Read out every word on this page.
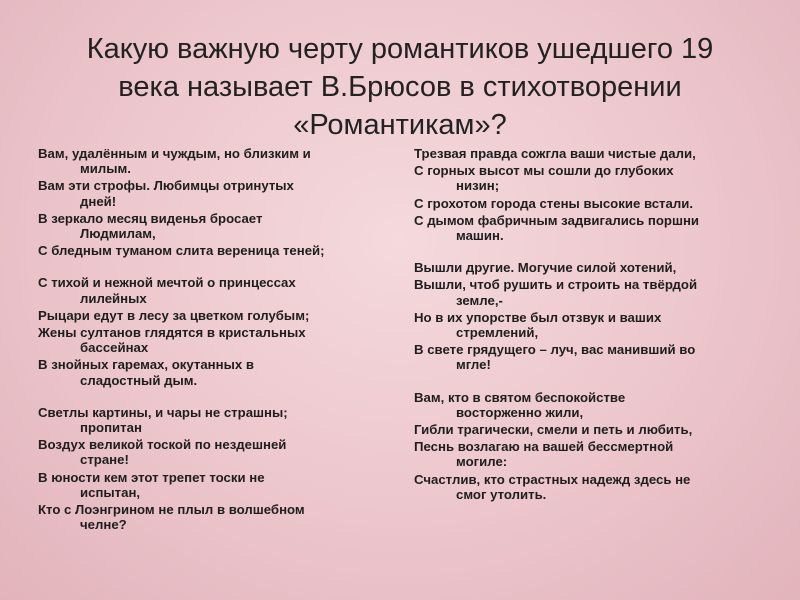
Какую важную черту романтиков ушедшего 19
века называет В.Брюсов в стихотворении
«Романтикам»?
Вам, удалённым и чуждым, но близким и
милым.
Вам эти строфы. Любимцы отринутых
дней!
В зеркало месяц виденья бросает
Людмилам,
С бледным туманом слита вереница теней;
С тихой и нежной мечтой о принцессах
лилейных
Рыцари едут в лесу за цветком голубым;
Жены султанов глядятся в кристальных
бассейнах
В знойных гаремах, окутанных в
сладостный дым.
Светлы картины, и чары не страшны;
пропитан
Воздух великой тоской по нездешней
стране!
В юности кем этот трепет тоски не
испытан,
Кто с Лоэнгрином не плыл в волшебном
челне?
Трезвая правда сожгла ваши чистые дали,
С горных высот мы сошли до глубоких
низин;
С грохотом города стены высокие встали.
С дымом фабричным задвигались поршни
машин.
Вышли другие. Могучие силой хотений,
Вышли, чтоб рушить и строить на твёрдой
земле,-
Но в их упорстве был отзвук и ваших
стремлений,
В свете грядущего – луч, вас манивший во
мгле!
Вам, кто в святом беспокойстве
восторженно жили,
Гибли трагически, смели и петь и любить,
Песнь возлагаю на вашей бессмертной
могиле:
Счастлив, кто страстных надежд здесь не
смог утолить.
